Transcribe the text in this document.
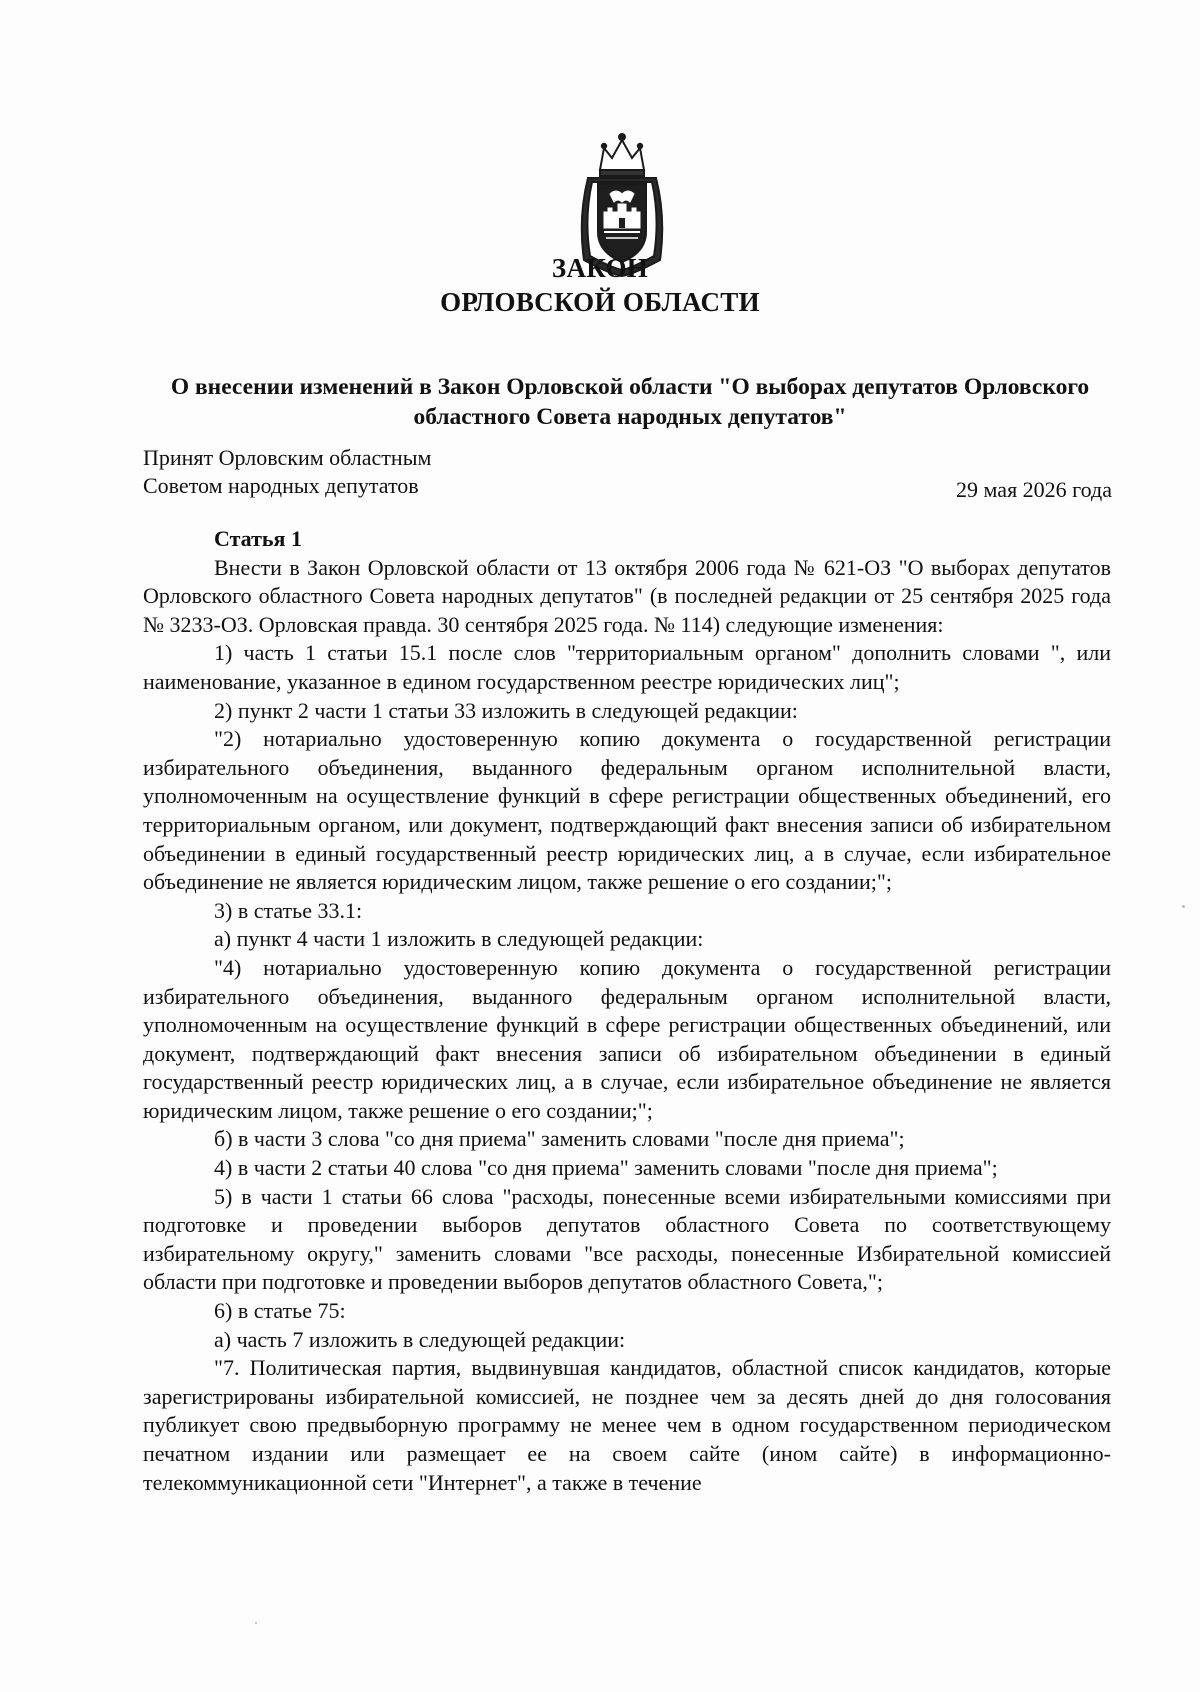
ЗАКОН
ОРЛОВСКОЙ ОБЛАСТИ
О внесении изменений в Закон Орловской области "О выборах депутатов Орловского областного Совета народных депутатов"
Принят Орловским областным
Советом народных депутатов	29 мая 2026 года

Статья 1

Внести в Закон Орловской области от 13 октября 2006 года № 621-ОЗ "О выборах депутатов Орловского областного Совета народных депутатов" (в последней редакции от 25 сентября 2025 года № 3233-ОЗ. Орловская правда. 30 сентября 2025 года. № 114) следующие изменения:

1) часть 1 статьи 15.1 после слов "территориальным органом" дополнить словами ", или наименование, указанное в едином государственном реестре юридических лиц";

2) пункт 2 части 1 статьи 33 изложить в следующей редакции:

"2) нотариально удостоверенную копию документа о государственной регистрации избирательного объединения, выданного федеральным органом исполнительной власти, уполномоченным на осуществление функций в сфере регистрации общественных объединений, его территориальным органом, или документ, подтверждающий факт внесения записи об избирательном объединении в единый государственный реестр юридических лиц, а в случае, если избирательное объединение не является юридическим лицом, также решение о его создании;";

3) в статье 33.1:

а) пункт 4 части 1 изложить в следующей редакции:

"4) нотариально удостоверенную копию документа о государственной регистрации избирательного объединения, выданного федеральным органом исполнительной власти, уполномоченным на осуществление функций в сфере регистрации общественных объединений, или документ, подтверждающий факт внесения записи об избирательном объединении в единый государственный реестр юридических лиц, а в случае, если избирательное объединение не является юридическим лицом, также решение о его создании;";

б) в части 3 слова "со дня приема" заменить словами "после дня приема";

4) в части 2 статьи 40 слова "со дня приема" заменить словами "после дня приема";

5) в части 1 статьи 66 слова "расходы, понесенные всеми избирательными комиссиями при подготовке и проведении выборов депутатов областного Совета по соответствующему избирательному округу," заменить словами "все расходы, понесенные Избирательной комиссией области при подготовке и проведении выборов депутатов областного Совета,";

6) в статье 75:

а) часть 7 изложить в следующей редакции:

"7. Политическая партия, выдвинувшая кандидатов, областной список кандидатов, которые зарегистрированы избирательной комиссией, не позднее чем за десять дней до дня голосования публикует свою предвыборную программу не менее чем в одном государственном периодическом печатном издании или размещает ее на своем сайте (ином сайте) в информационно-телекоммуникационной сети "Интернет", а также в течение
